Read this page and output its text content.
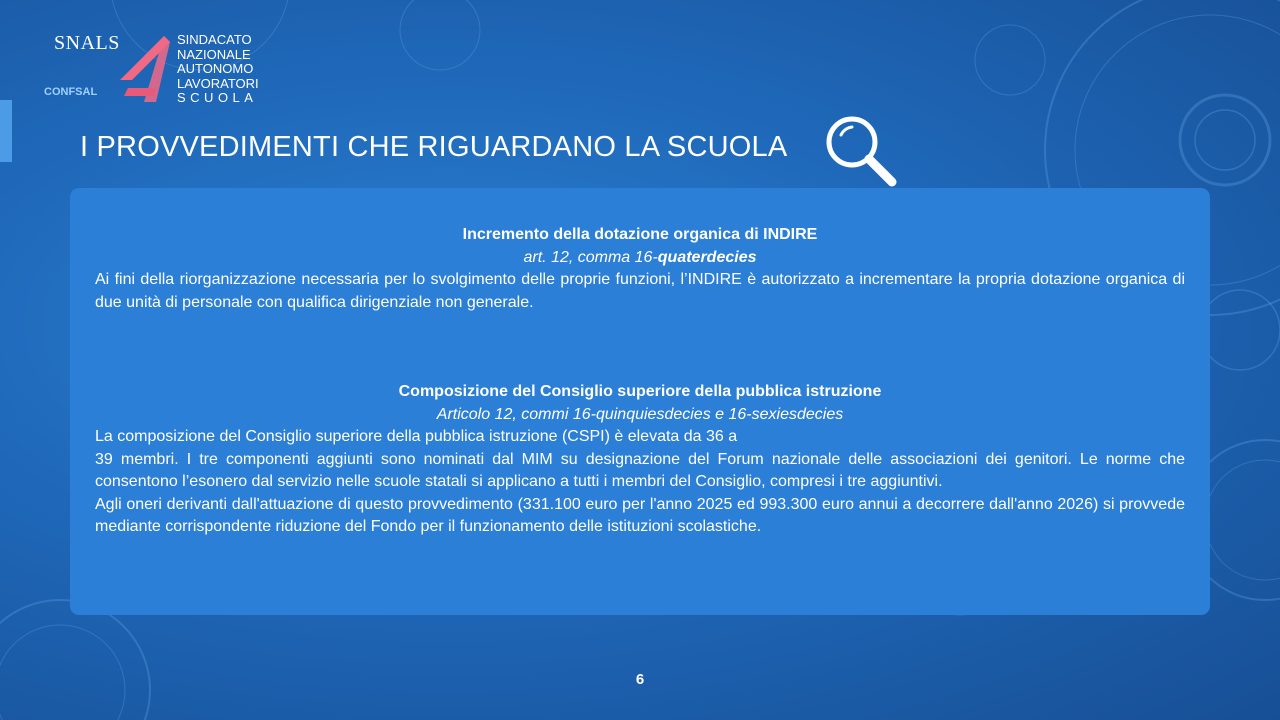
SNALS
CONFSAL
SINDACATO
NAZIONALE
AUTONOMO
LAVORATORI
SCUOLA
I PROVVEDIMENTI CHE RIGUARDANO LA SCUOLA
Incremento della dotazione organica di INDIRE
art. 12, comma 16-quaterdecies
Ai fini della riorganizzazione necessaria per lo svolgimento delle proprie funzioni, l’INDIRE è autorizzato a incrementare la propria dotazione organica di due unità di personale con qualifica dirigenziale non generale.
Composizione del Consiglio superiore della pubblica istruzione
Articolo 12, commi 16-quinquiesdecies e 16-sexiesdecies
La composizione del Consiglio superiore della pubblica istruzione (CSPI) è elevata da 36 a
39 membri. I tre componenti aggiunti sono nominati dal MIM su designazione del Forum nazionale delle associazioni dei genitori. Le norme che consentono l’esonero dal servizio nelle scuole statali si applicano a tutti i membri del Consiglio, compresi i tre aggiuntivi.
Agli oneri derivanti dall'attuazione di questo provvedimento (331.100 euro per l'anno 2025 ed 993.300 euro annui a decorrere dall'anno 2026) si provvede mediante corrispondente riduzione del Fondo per il funzionamento delle istituzioni scolastiche.
6
